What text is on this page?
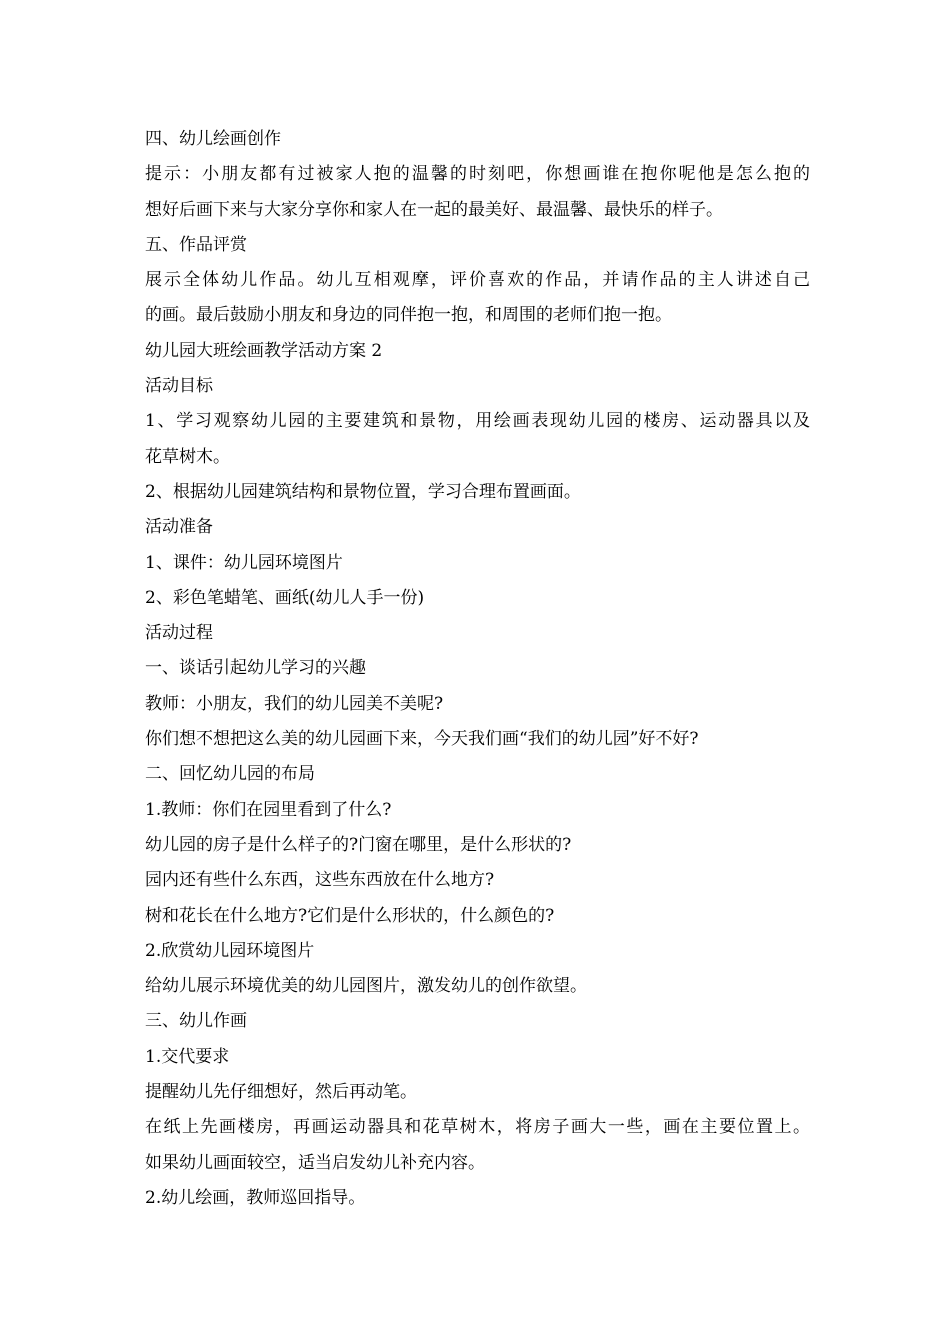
四、幼儿绘画创作
提示：小朋友都有过被家人抱的温馨的时刻吧，你想画谁在抱你呢他是怎么抱的
想好后画下来与大家分享你和家人在一起的最美好、最温馨、最快乐的样子。
五、作品评赏
展示全体幼儿作品。幼儿互相观摩，评价喜欢的作品，并请作品的主人讲述自己
的画。最后鼓励小朋友和身边的同伴抱一抱，和周围的老师们抱一抱。
幼儿园大班绘画教学活动方案 2
活动目标
1、学习观察幼儿园的主要建筑和景物，用绘画表现幼儿园的楼房、运动器具以及
花草树木。
2、根据幼儿园建筑结构和景物位置，学习合理布置画面。
活动准备
1、课件：幼儿园环境图片
2、彩色笔蜡笔、画纸(幼儿人手一份)
活动过程
一、谈话引起幼儿学习的兴趣
教师：小朋友，我们的幼儿园美不美呢?
你们想不想把这么美的幼儿园画下来，今天我们画“我们的幼儿园”好不好?
二、回忆幼儿园的布局
1.教师：你们在园里看到了什么?
幼儿园的房子是什么样子的?门窗在哪里，是什么形状的?
园内还有些什么东西，这些东西放在什么地方?
树和花长在什么地方?它们是什么形状的，什么颜色的?
2.欣赏幼儿园环境图片
给幼儿展示环境优美的幼儿园图片，激发幼儿的创作欲望。
三、幼儿作画
1.交代要求
提醒幼儿先仔细想好，然后再动笔。
在纸上先画楼房，再画运动器具和花草树木，将房子画大一些，画在主要位置上。
如果幼儿画面较空，适当启发幼儿补充内容。
2.幼儿绘画，教师巡回指导。
